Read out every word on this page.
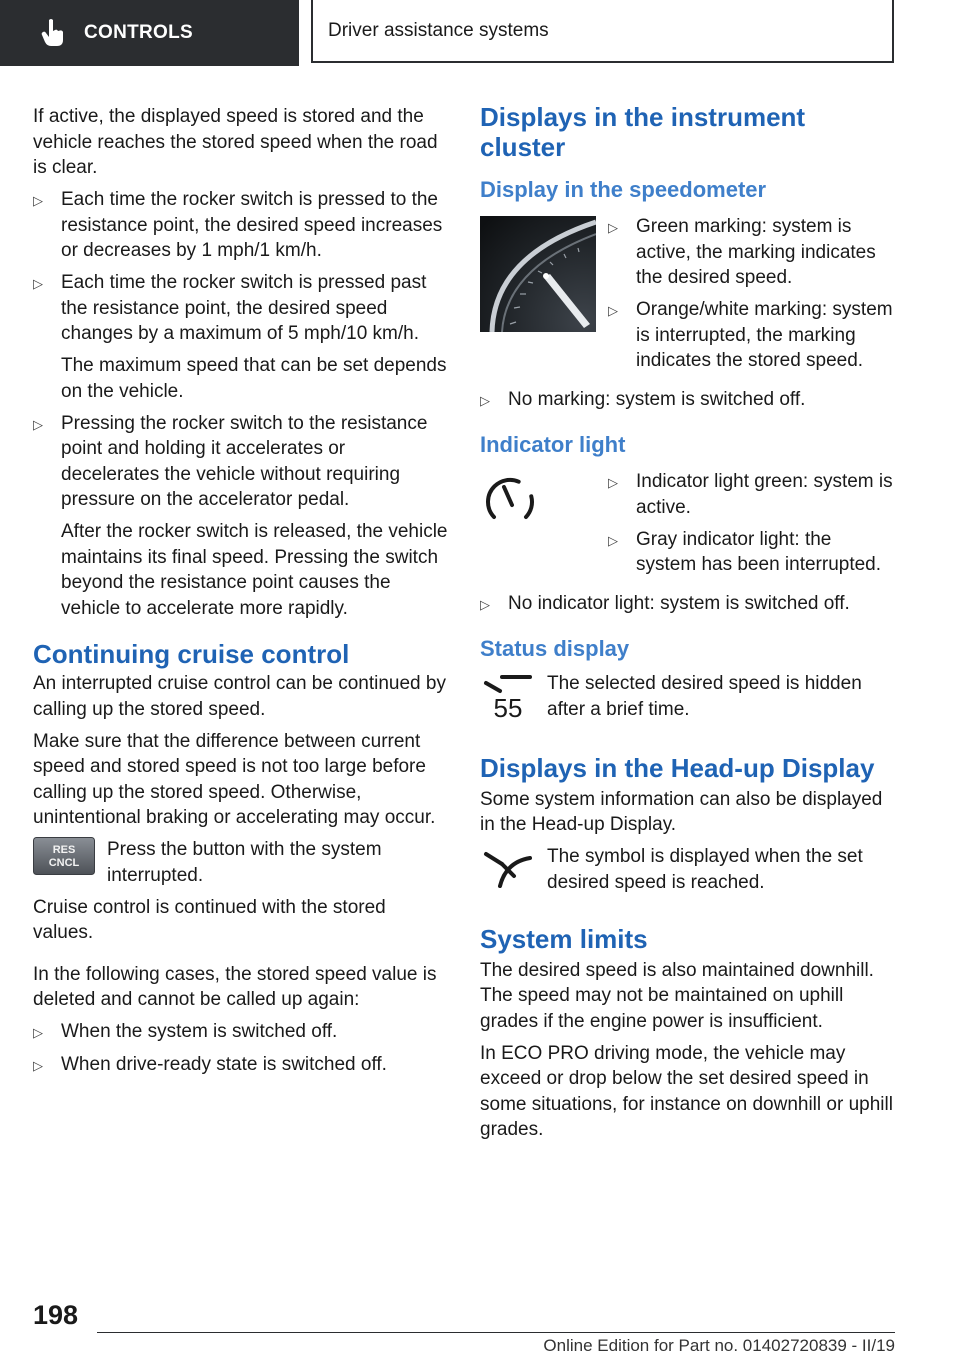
CONTROLS	Driver assistance systems

If active, the displayed speed is stored and the vehicle reaches the stored speed when the road is clear.

▷ Each time the rocker switch is pressed to the resistance point, the desired speed increases or decreases by 1 mph/1 km/h.
▷ Each time the rocker switch is pressed past the resistance point, the desired speed changes by a maximum of 5 mph/10 km/h.

The maximum speed that can be set depends on the vehicle.

▷ Pressing the rocker switch to the resistance point and holding it accelerates or decelerates the vehicle without requiring pressure on the accelerator pedal.

After the rocker switch is released, the vehicle maintains its final speed. Pressing the switch beyond the resistance point causes the vehicle to accelerate more rapidly.

Continuing cruise control

An interrupted cruise control can be continued by calling up the stored speed.

Make sure that the difference between current speed and stored speed is not too large before calling up the stored speed. Otherwise, unintentional braking or accelerating may occur.

RES
CNCL
Press the button with the system interrupted.

Cruise control is continued with the stored values.

In the following cases, the stored speed value is deleted and cannot be called up again:

▷ When the system is switched off.
▷ When drive-ready state is switched off.
Displays in the instrument cluster
Display in the speedometer
▷ Green marking: system is active, the marking indicates the desired speed.
▷ Orange/white marking: system is interrupted, the marking indicates the stored speed.
▷ No marking: system is switched off.
Indicator light
▷ Indicator light green: system is active.
▷ Gray indicator light: the system has been interrupted.
▷ No indicator light: system is switched off.
Status display
55
The selected desired speed is hidden after a brief time.
Displays in the Head-up Display

Some system information can also be displayed in the Head-up Display.

The symbol is displayed when the set desired speed is reached.
System limits

The desired speed is also maintained downhill. The speed may not be maintained on uphill grades if the engine power is insufficient.

In ECO PRO driving mode, the vehicle may exceed or drop below the set desired speed in some situations, for instance on downhill or uphill grades.

198
Online Edition for Part no. 01402720839 - II/19
